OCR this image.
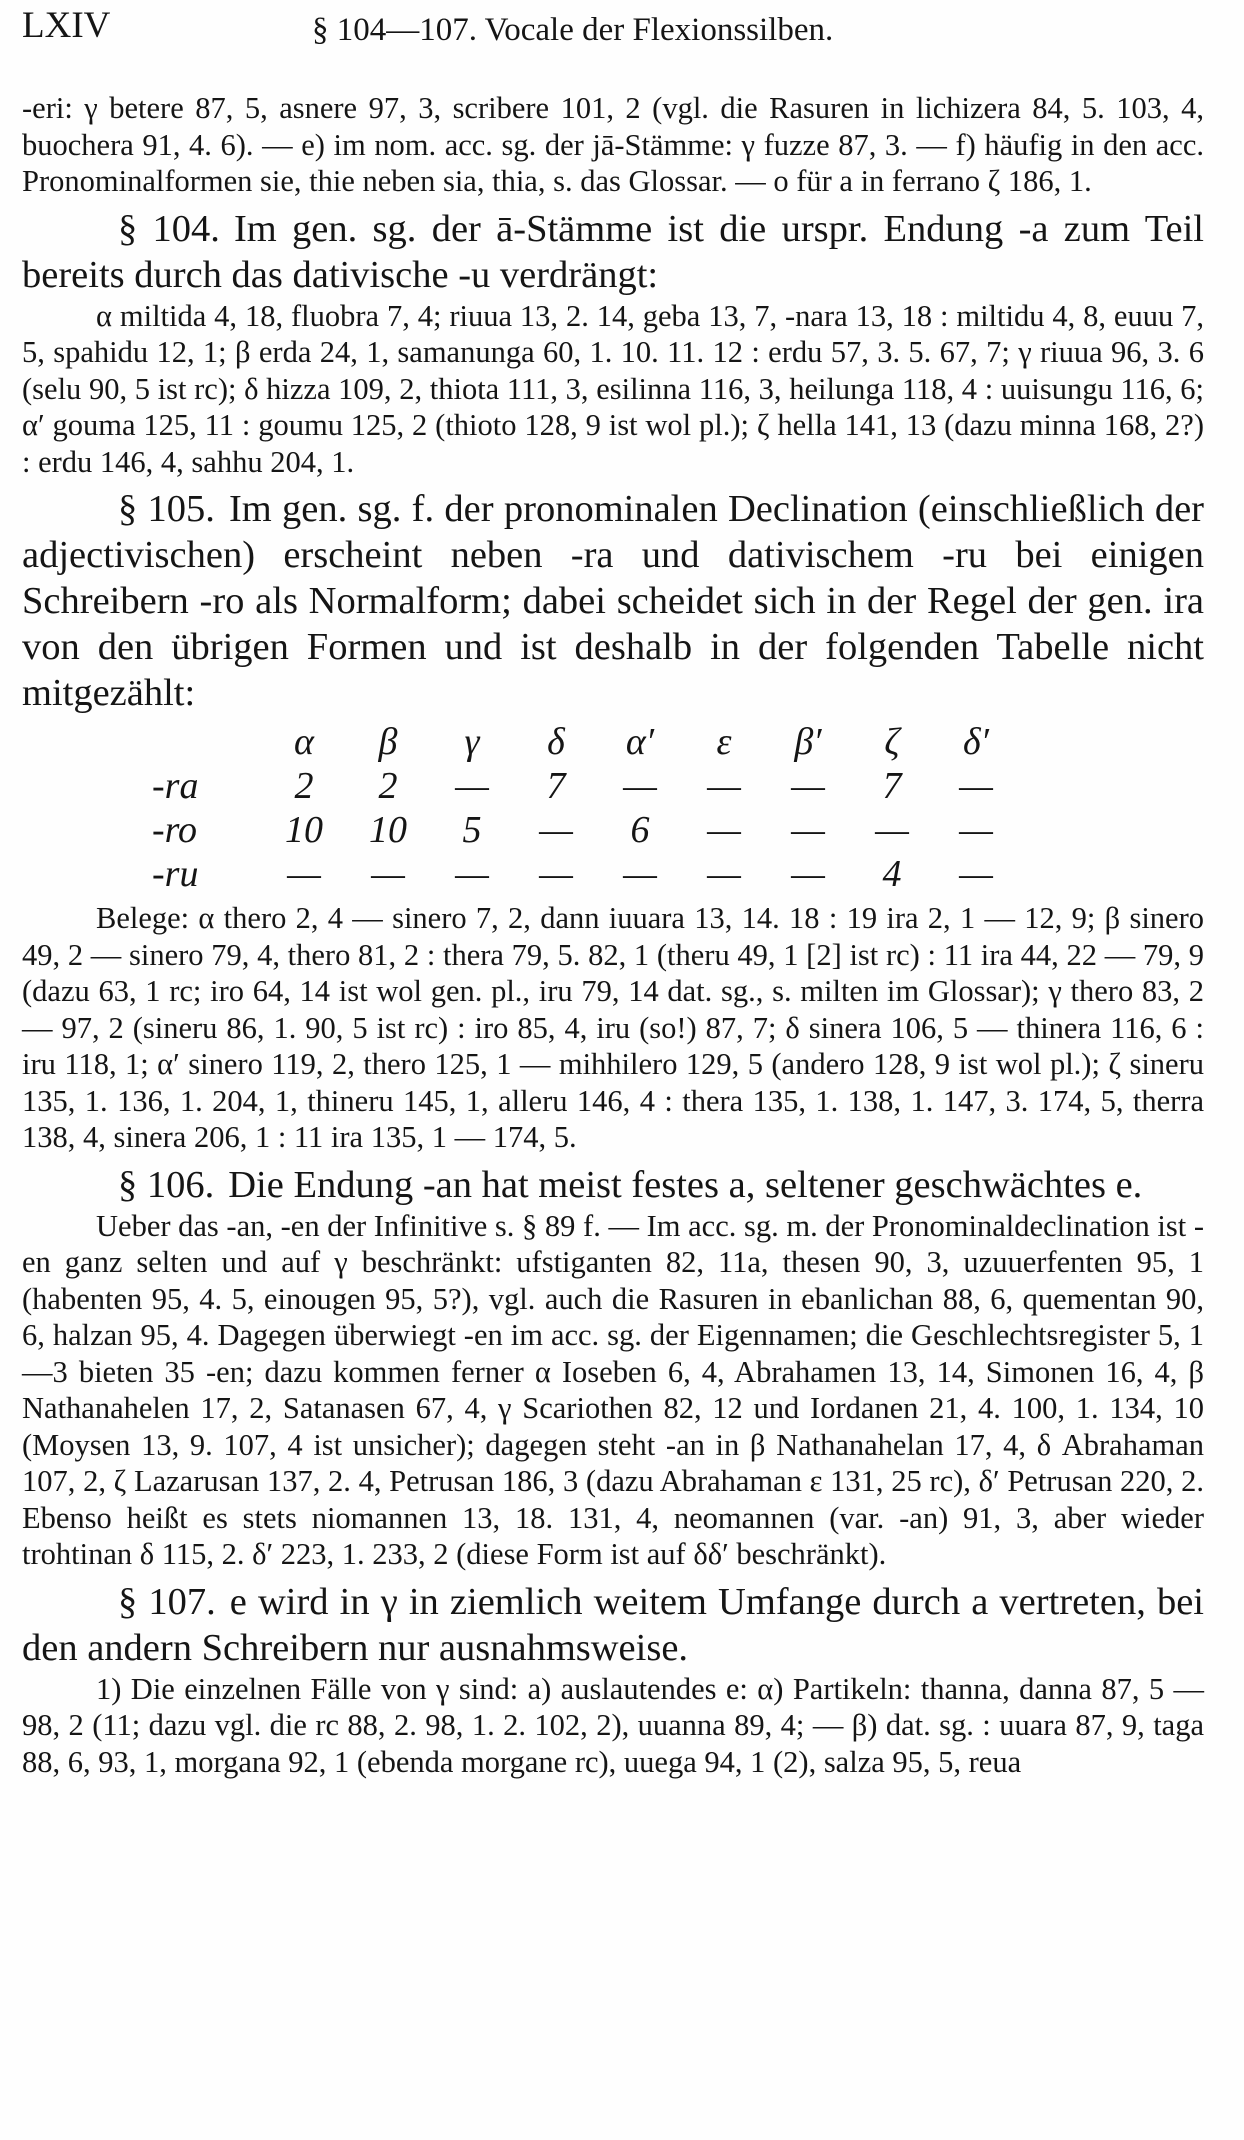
LXIV	§ 104—107. Vocale der Flexionssilben.

-eri: γ betere 87, 5, asnere 97, 3, scribere 101, 2 (vgl. die Rasuren in lichizera 84, 5. 103, 4, buochera 91, 4. 6). — e) im nom. acc. sg. der jā-Stämme: γ fuzze 87, 3. — f) häufig in den acc. Pronominalformen sie, thie neben sia, thia, s. das Glossar. — o für a in ferrano ζ 186, 1.

§ 104. Im gen. sg. der ā-Stämme ist die urspr. Endung -a zum Teil bereits durch das dativische -u verdrängt:

α miltida 4, 18, fluobra 7, 4; riuua 13, 2. 14, geba 13, 7, -nara 13, 18 : miltidu 4, 8, euuu 7, 5, spahidu 12, 1; β erda 24, 1, samanunga 60, 1. 10. 11. 12 : erdu 57, 3. 5. 67, 7; γ riuua 96, 3. 6 (selu 90, 5 ist rc); δ hizza 109, 2, thiota 111, 3, esilinna 116, 3, heilunga 118, 4 : uuisungu 116, 6; α′ gouma 125, 11 : goumu 125, 2 (thioto 128, 9 ist wol pl.); ζ hella 141, 13 (dazu minna 168, 2?) : erdu 146, 4, sahhu 204, 1.

§ 105. Im gen. sg. f. der pronominalen Declination (einschließlich der adjectivischen) erscheint neben -ra und dativischem -ru bei einigen Schreibern -ro als Normalform; dabei scheidet sich in der Regel der gen. ira von den übrigen Formen und ist deshalb in der folgenden Tabelle nicht mitgezählt:

	α	β	γ	δ	α′	ε	β′	ζ	δ′
-ra	2	2	—	7	—	—	—	7	—
-ro	10	10	5	—	6	—	—	—	—
-ru	—	—	—	—	—	—	—	4	—

Belege: α thero 2, 4 — sinero 7, 2, dann iuuara 13, 14. 18 : 19 ira 2, 1 — 12, 9; β sinero 49, 2 — sinero 79, 4, thero 81, 2 : thera 79, 5. 82, 1 (theru 49, 1 [2] ist rc) : 11 ira 44, 22 — 79, 9 (dazu 63, 1 rc; iro 64, 14 ist wol gen. pl., iru 79, 14 dat. sg., s. milten im Glossar); γ thero 83, 2 — 97, 2 (sineru 86, 1. 90, 5 ist rc) : iro 85, 4, iru (so!) 87, 7; δ sinera 106, 5 — thinera 116, 6 : iru 118, 1; α′ sinero 119, 2, thero 125, 1 — mihhilero 129, 5 (andero 128, 9 ist wol pl.); ζ sineru 135, 1. 136, 1. 204, 1, thineru 145, 1, alleru 146, 4 : thera 135, 1. 138, 1. 147, 3. 174, 5, therra 138, 4, sinera 206, 1 : 11 ira 135, 1 — 174, 5.

§ 106. Die Endung -an hat meist festes a, seltener geschwächtes e.

Ueber das -an, -en der Infinitive s. § 89 f. — Im acc. sg. m. der Pronominaldeclination ist -en ganz selten und auf γ beschränkt: ufstiganten 82, 11a, thesen 90, 3, uzuuerfenten 95, 1 (habenten 95, 4. 5, einougen 95, 5?), vgl. auch die Rasuren in ebanlichan 88, 6, quementan 90, 6, halzan 95, 4. Dagegen überwiegt -en im acc. sg. der Eigennamen; die Geschlechtsregister 5, 1—3 bieten 35 -en; dazu kommen ferner α Ioseben 6, 4, Abrahamen 13, 14, Simonen 16, 4, β Nathanahelen 17, 2, Satanasen 67, 4, γ Scariothen 82, 12 und Iordanen 21, 4. 100, 1. 134, 10 (Moysen 13, 9. 107, 4 ist unsicher); dagegen steht -an in β Nathanahelan 17, 4, δ Abrahaman 107, 2, ζ Lazarusan 137, 2. 4, Petrusan 186, 3 (dazu Abrahaman ε 131, 25 rc), δ′ Petrusan 220, 2. Ebenso heißt es stets niomannen 13, 18. 131, 4, neomannen (var. -an) 91, 3, aber wieder trohtinan δ 115, 2. δ′ 223, 1. 233, 2 (diese Form ist auf δδ′ beschränkt).

§ 107. e wird in γ in ziemlich weitem Umfange durch a vertreten, bei den andern Schreibern nur ausnahmsweise.

1) Die einzelnen Fälle von γ sind: a) auslautendes e: α) Partikeln: thanna, danna 87, 5 — 98, 2 (11; dazu vgl. die rc 88, 2. 98, 1. 2. 102, 2), uuanna 89, 4; — β) dat. sg. : uuara 87, 9, taga 88, 6, 93, 1, morgana 92, 1 (ebenda morgane rc), uuega 94, 1 (2), salza 95, 5, reua
